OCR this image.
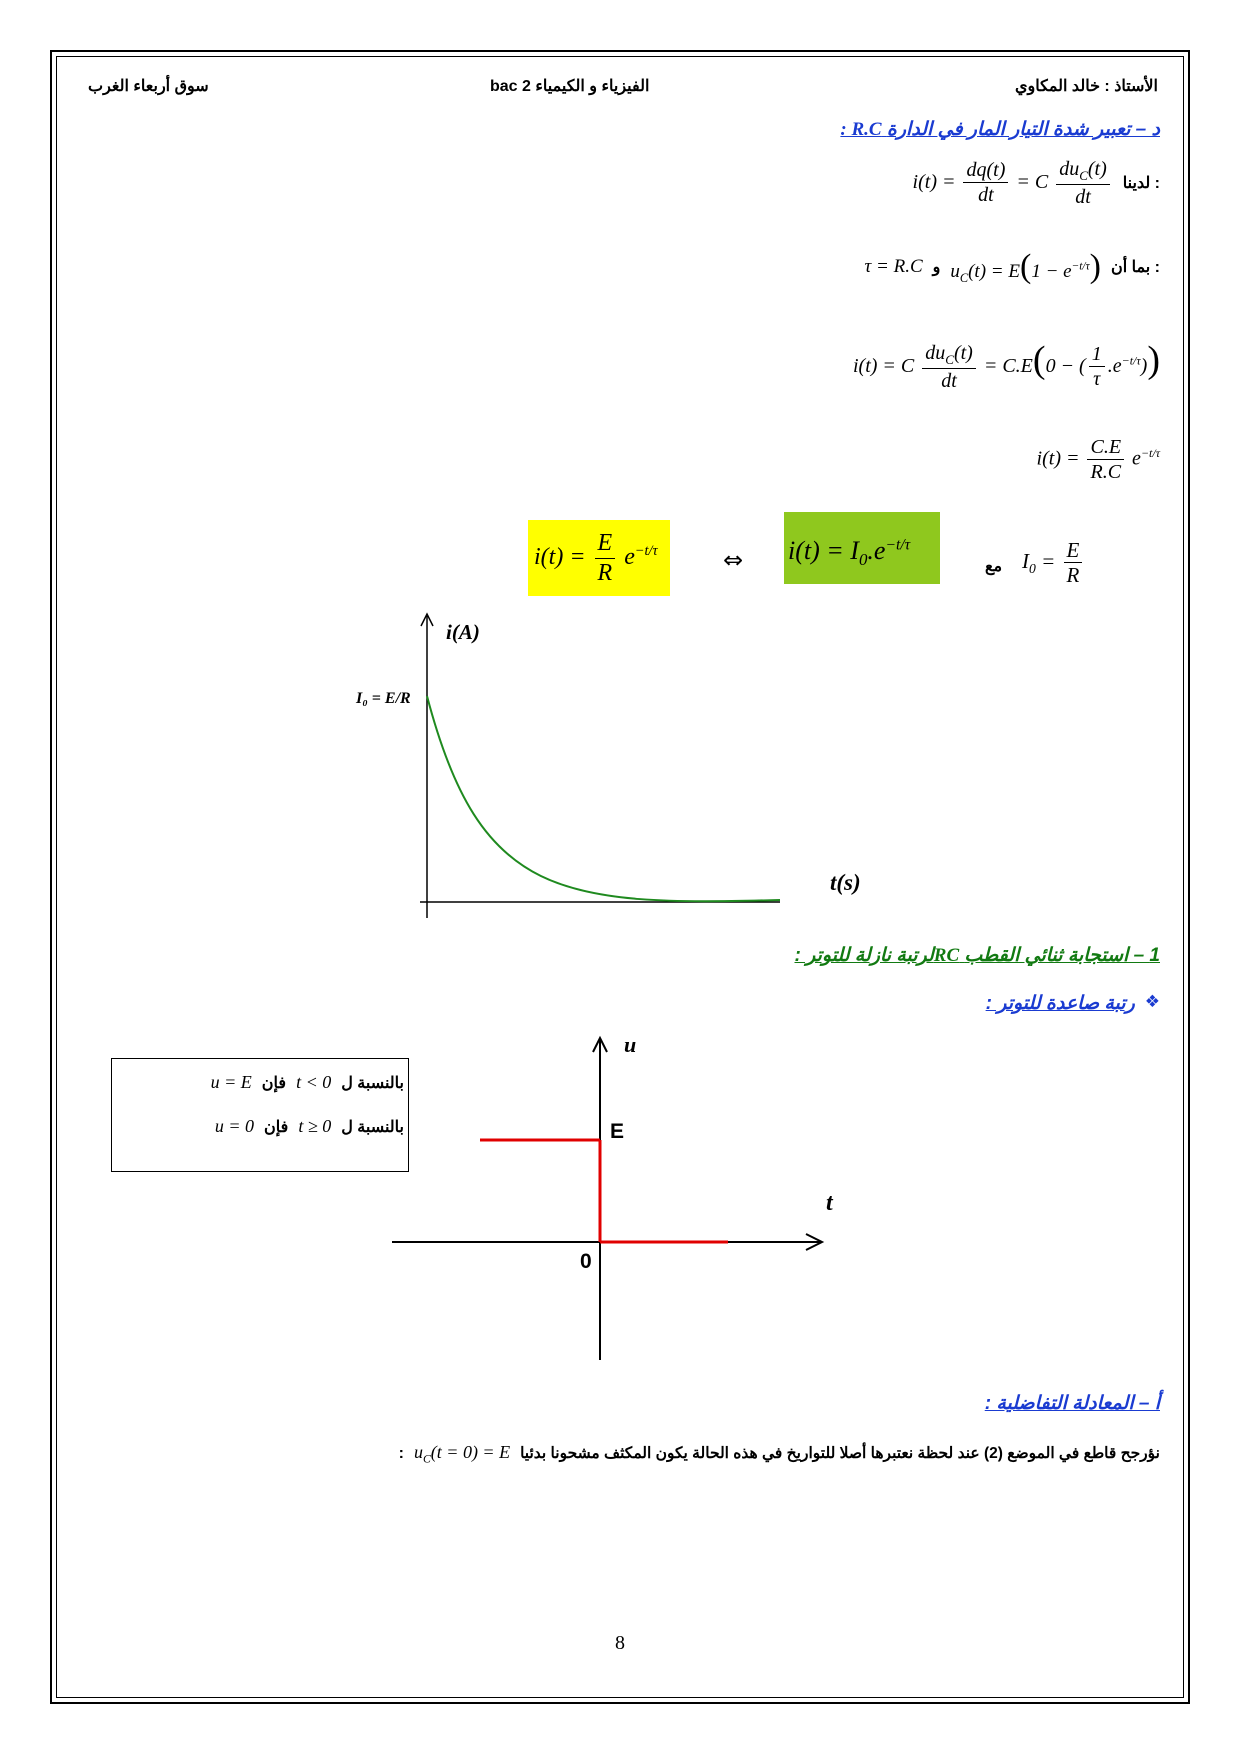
الأستاذ : خالد المكاوي
الفيزياء و الكيمياء 2 bac
سوق أربعاء الغرب
د – تعبير شدة التيار المار في الدارة R.C :
لدينا :
$i(t) = \frac{dq(t)}{dt} = C \frac{du_C(t)}{dt}$
بما أن :
$u_C(t) = E(1 - e^{-t/\tau})$
و
τ = R.C
i(t) = C $\frac{du_C(t)}{dt} = C.E(0$ − ( $\frac{1}{\tau} .e^{-t/\tau}$))
$i(t) = \frac{C.E}{R.C} e^{-t/\tau}$
$i(t) = \frac{E}{R} e^{-t/\tau}$	⇔ $i(t) = I_0.e^{-t/\tau}$
مع $I_0 = \frac{E}{R}$
i(A)
t(s)
I₀ = E/R
1 – استجابة ثنائي القطب RCلرتبة نازلة للتوتر :
❖
رتبة صاعدة للتوتر :
بالنسبة ل
t < 0
فإن
u = E
بالنسبة ل
t ≥ 0
فإن
u = 0
u
t
E
0
أ – المعادلة التفاضلية :
نؤرجح قاطع في الموضع (2) عند لحظة نعتبرها أصلا للتواريخ في هذه الحالة يكون المكثف مشحونا بدئيا
$u_C(t = 0) = E$
:
8
